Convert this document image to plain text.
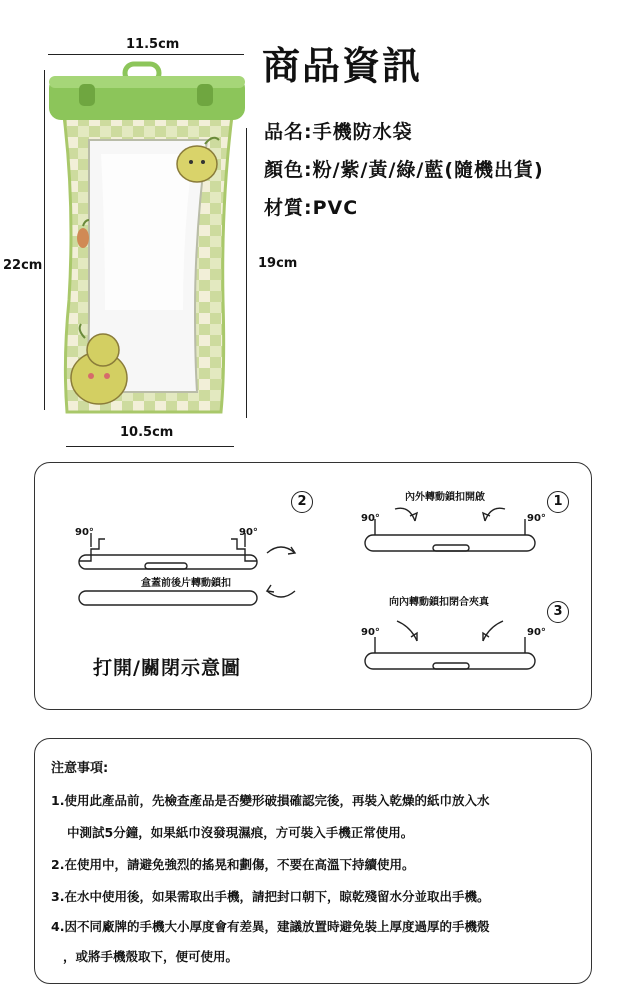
11.5cm
22cm	19cm
10.5cm
商品資訊
品名:手機防水袋
顏色:粉/紫/黃/綠/藍(隨機出貨)
材質:PVC
90°	90°
90°	90°
90°	90°
2	1
3
內外轉動鎖扣開啟
盒蓋前後片轉動鎖扣
向內轉動鎖扣閉合夾真
打開/關閉示意圖
注意事項:
1.使用此產品前，先檢查產品是否變形破損確認完後，再裝入乾燥的紙巾放入水
中測試5分鐘，如果紙巾沒發現濕痕，方可裝入手機正常使用。
2.在使用中，請避免強烈的搖晃和劃傷，不要在高溫下持續使用。
3.在水中使用後，如果需取出手機，請把封口朝下，晾乾殘留水分並取出手機。
4.因不同廠牌的手機大小厚度會有差異，建議放置時避免裝上厚度過厚的手機殼
，或將手機殼取下，便可使用。
